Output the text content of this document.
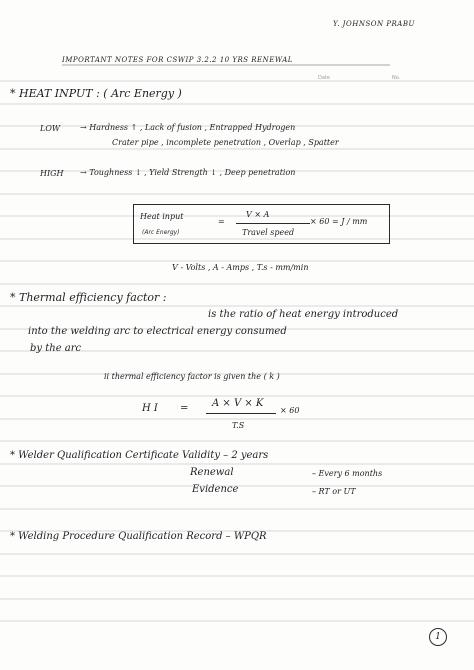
Y. JOHNSON PRABU
IMPORTANT NOTES FOR CSWIP 3.2.2 10 YRS RENEWAL
Date	No.
* HEAT INPUT : ( Arc Energy )
LOW → Hardness ↑ , Lack of fusion , Entrapped Hydrogen
Crater pipe , incomplete penetration , Overlap , Spatter
HIGH → Toughness ↓ , Yield Strength ↓ , Deep penetration
Heat input
(Arc Energy)
=
V × A
Travel speed
× 60 = J / mm
V - Volts , A - Amps , T.s - mm/min
* Thermal efficiency factor :
is the ratio of heat energy introduced
into the welding arc to electrical energy consumed
by the arc
ii thermal efficiency factor is given the ( k )
H I = A × V × K
T.S
× 60
* Welder Qualification Certificate Validity – 2 years
Renewal	– Every 6 months
Evidence	– RT or UT
* Welding Procedure Qualification Record – WPQR
1
